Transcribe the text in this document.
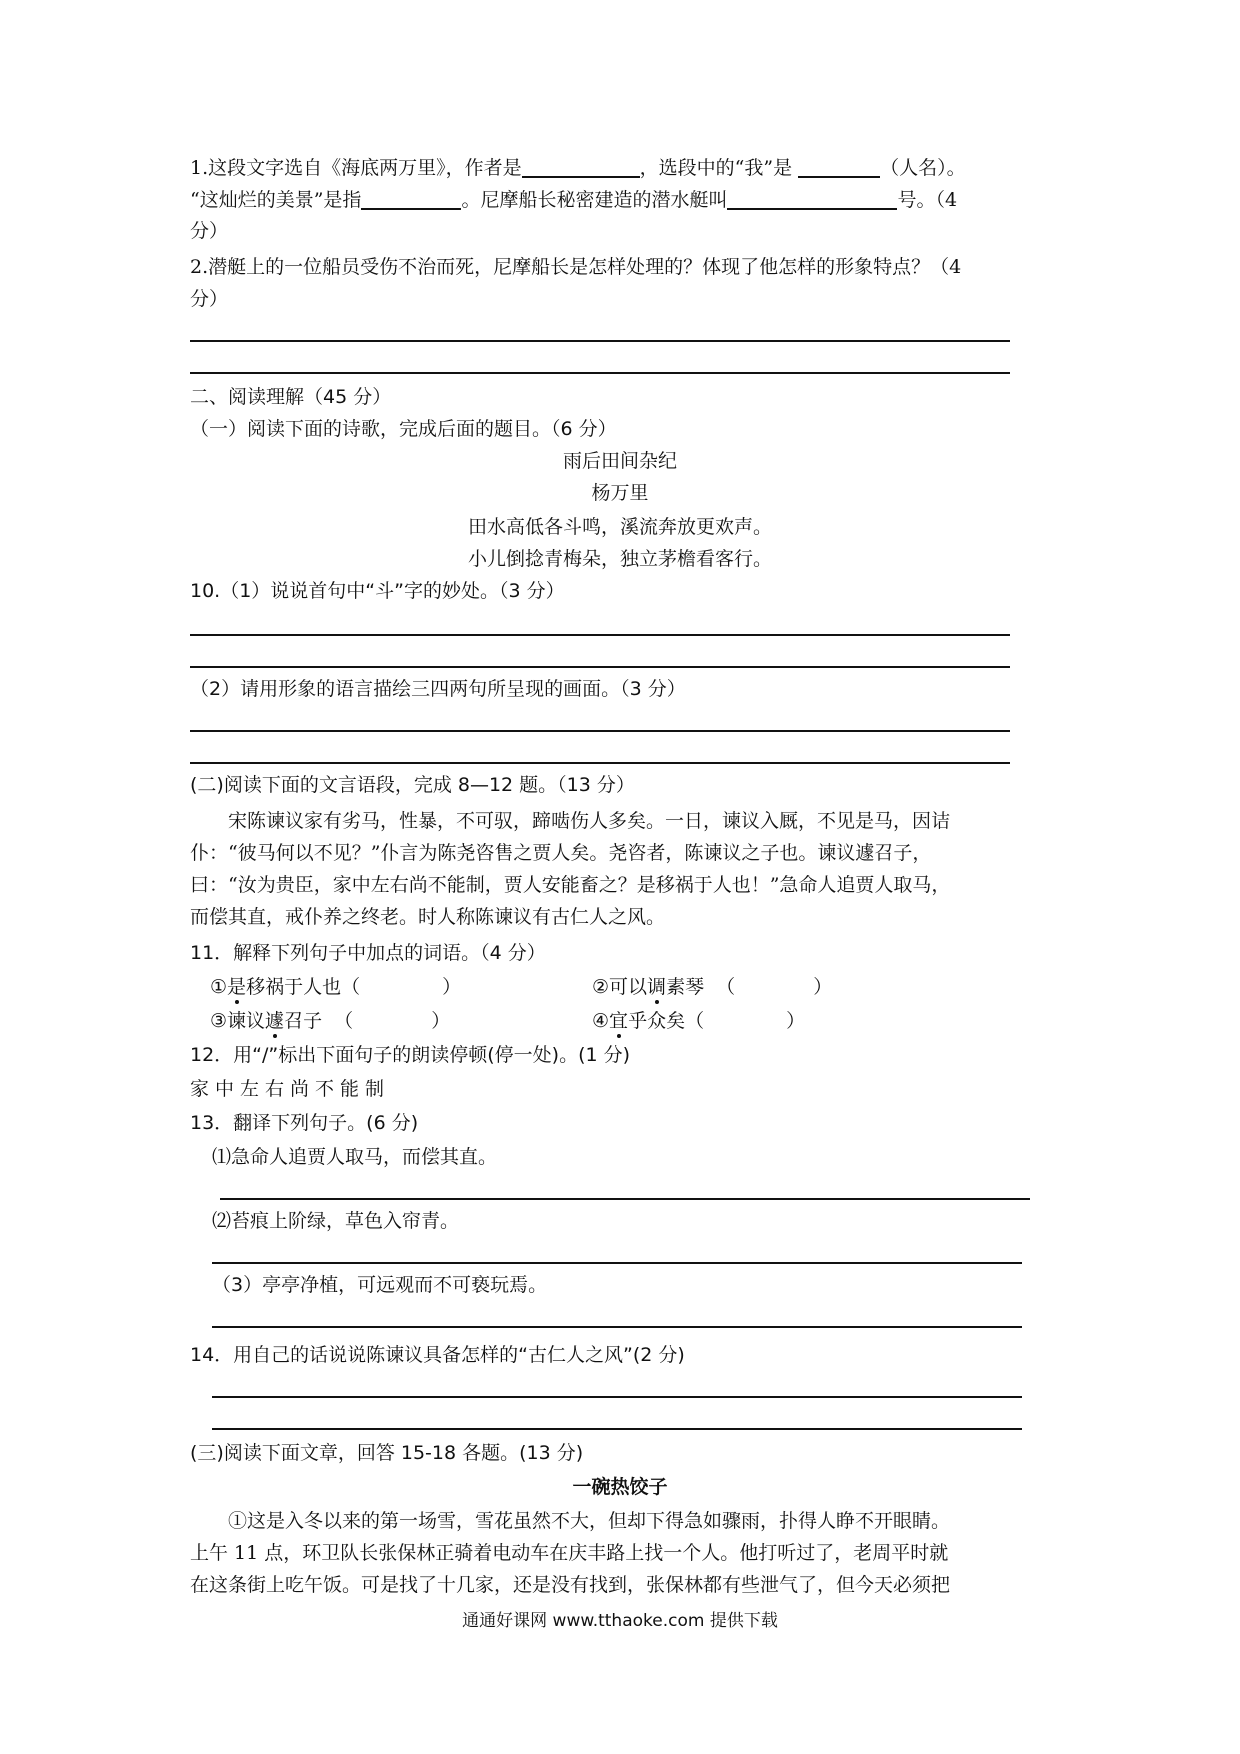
1.这段文字选自《海底两万里》，作者是	，选段中的“我”是	（人名）。
“这灿烂的美景”是指	。尼摩船长秘密建造的潜水艇叫	号。（4
分）
2.潜艇上的一位船员受伤不治而死，尼摩船长是怎样处理的？体现了他怎样的形象特点？（4
分）
二、阅读理解（45 分）
（一）阅读下面的诗歌，完成后面的题目。（6 分）
雨后田间杂纪
杨万里
田水高低各斗鸣，溪流奔放更欢声。
小儿倒捻青梅朵，独立茅檐看客行。
10.（1）说说首句中“斗”字的妙处。（3 分）
（2）请用形象的语言描绘三四两句所呈现的画面。（3 分）
(二)阅读下面的文言语段，完成 8—12 题。（13 分）
宋陈谏议家有劣马，性暴，不可驭，蹄啮伤人多矣。一日，谏议入厩，不见是马，因诘
仆：“彼马何以不见？”仆言为陈尧咨售之贾人矣。尧咨者，陈谏议之子也。谏议遽召子，
曰：“汝为贵臣，家中左右尚不能制，贾人安能畜之？是移祸于人也！”急命人追贾人取马，
而偿其直，戒仆养之终老。时人称陈谏议有古仁人之风。
11．解释下列句子中加点的词语。（4 分）
①是移祸于人也（	）	②可以调素琴 （	）
③谏议遽召子 （	）	④宜乎众矣（	）
12．用“/”标出下面句子的朗读停顿(停一处)。(1 分)
家中左右尚不能制
13．翻译下列句子。(6 分)
⑴急命人追贾人取马，而偿其直。
⑵苔痕上阶绿，草色入帘青。
（3）亭亭净植，可远观而不可亵玩焉。
14．用自己的话说说陈谏议具备怎样的“古仁人之风”(2 分)
(三)阅读下面文章，回答 15-18 各题。(13 分)
一碗热饺子
①这是入冬以来的第一场雪，雪花虽然不大，但却下得急如骤雨，扑得人睁不开眼睛。
上午 11 点，环卫队长张保林正骑着电动车在庆丰路上找一个人。他打听过了，老周平时就
在这条街上吃午饭。可是找了十几家，还是没有找到，张保林都有些泄气了，但今天必须把
通通好课网 www.tthaoke.com 提供下载
